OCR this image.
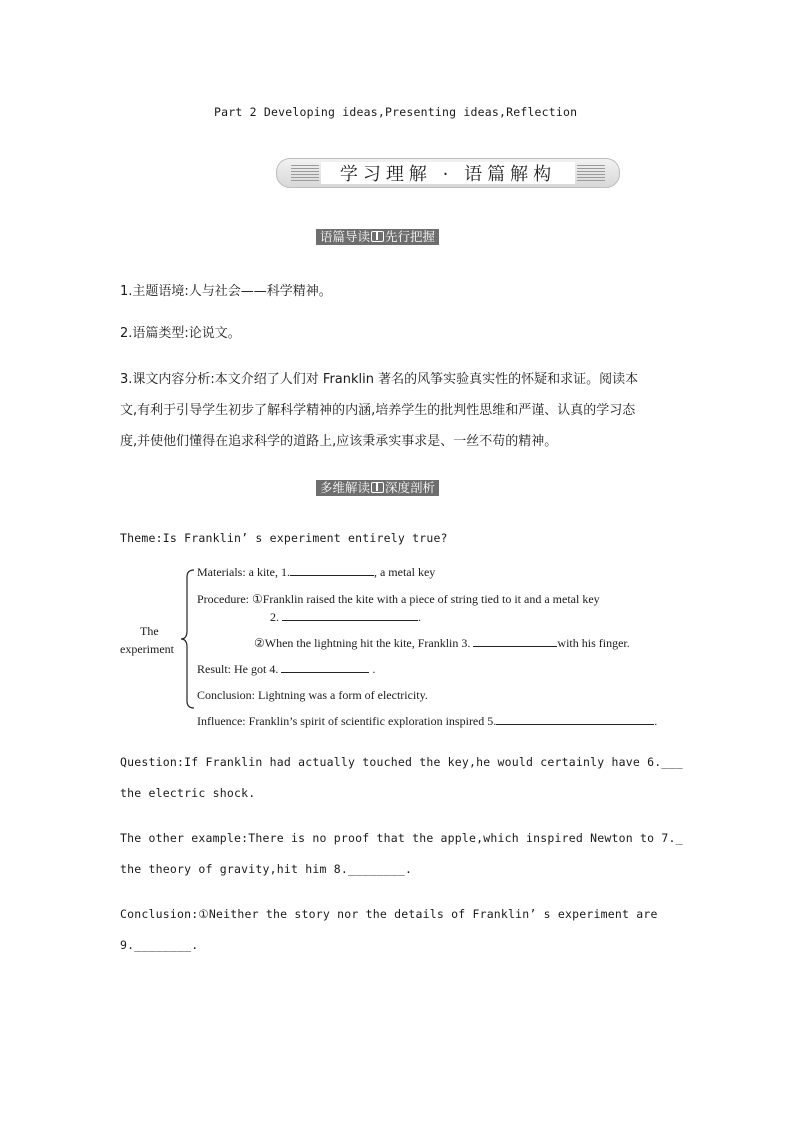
Part 2 Developing ideas,Presenting ideas,Reflection
学习理解 · 语篇解构
语篇导读 先行把握
1.主题语境:人与社会——科学精神。
2.语篇类型:论说文。
3.课文内容分析:本文介绍了人们对 Franklin 著名的风筝实验真实性的怀疑和求证。阅读本
文,有利于引导学生初步了解科学精神的内涵,培养学生的批判性思维和严谨、认真的学习态
度,并使他们懂得在追求科学的道路上,应该秉承实事求是、一丝不苟的精神。
多维解读 深度剖析
Theme:Is Franklin’ s experiment entirely true?
The
experiment
Materials: a kite, 1.	, a metal key
Procedure: ①Franklin raised the kite with a piece of string tied to it and a metal key
2.	.
②When the lightning hit the kite, Franklin 3.	with his finger.
Result: He got 4.	.
Conclusion: Lightning was a form of electricity.
Influence: Franklin’s spirit of scientific exploration inspired 5.	.
Question:If Franklin had actually touched the key,he would certainly have 6.___
the electric shock.
The other example:There is no proof that the apple,which inspired Newton to 7._
the theory of gravity,hit him 8.________.
Conclusion:①Neither the story nor the details of Franklin’ s experiment are
9.________.
